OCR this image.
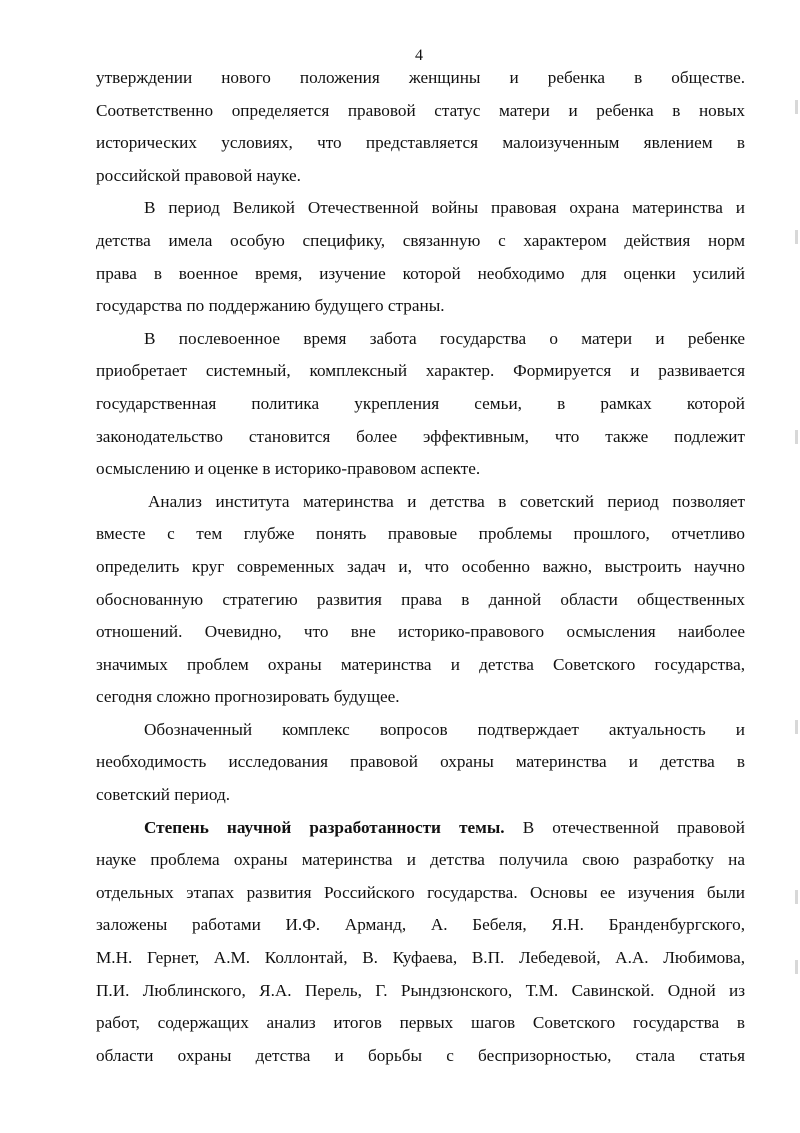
4

утверждении нового положения женщины и ребенка в обществе.
Соответственно определяется правовой статус матери и ребенка в новых
исторических условиях, что представляется малоизученным явлением в
российской правовой науке.

В период Великой Отечественной войны правовая охрана материнства и
детства имела особую специфику, связанную с характером действия норм
права в военное время, изучение которой необходимо для оценки усилий
государства по поддержанию будущего страны.

В послевоенное время забота государства о матери и ребенке
приобретает системный, комплексный характер. Формируется и развивается
государственная политика укрепления семьи, в рамках которой
законодательство становится более эффективным, что также подлежит
осмыслению и оценке в историко-правовом аспекте.

Анализ института материнства и детства в советский период позволяет
вместе с тем глубже понять правовые проблемы прошлого, отчетливо
определить круг современных задач и, что особенно важно, выстроить научно
обоснованную стратегию развития права в данной области общественных
отношений. Очевидно, что вне историко-правового осмысления наиболее
значимых проблем охраны материнства и детства Советского государства,
сегодня сложно прогнозировать будущее.

Обозначенный комплекс вопросов подтверждает актуальность и
необходимость исследования правовой охраны материнства и детства в
советский период.

Степень научной разработанности темы. В отечественной правовой
науке проблема охраны материнства и детства получила свою разработку на
отдельных этапах развития Российского государства. Основы ее изучения были
заложены работами И.Ф. Арманд, А. Бебеля, Я.Н. Бранденбургского,
М.Н. Гернет, А.М. Коллонтай, В. Куфаева, В.П. Лебедевой, А.А. Любимова,
П.И. Люблинского, Я.А. Перель, Г. Рындзюнского, Т.М. Савинской. Одной из
работ, содержащих анализ итогов первых шагов Советского государства в
области охраны детства и борьбы с беспризорностью, стала статья
